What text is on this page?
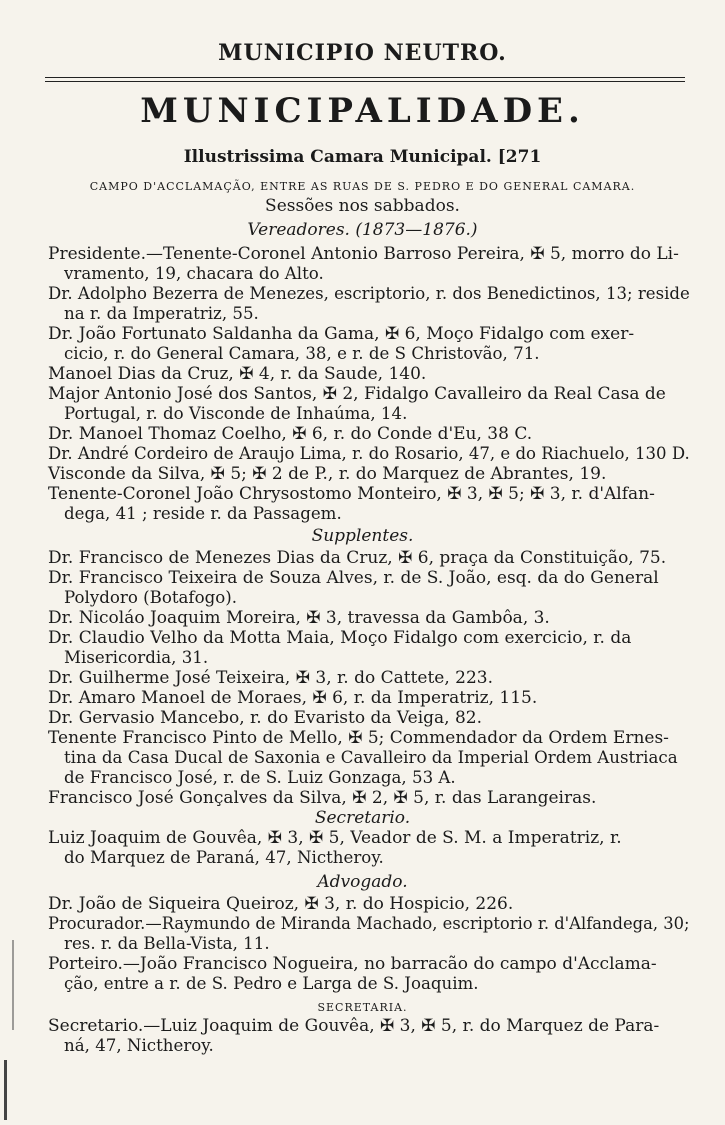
MUNICIPIO NEUTRO.
MUNICIPALIDADE.
Illustrissima Camara Municipal. [271
CAMPO D'ACCLAMAÇÃO, ENTRE AS RUAS DE S. PEDRO E DO GENERAL CAMARA.
Sessões nos sabbados.
Vereadores. (1873—1876.)
Presidente.—Tenente-Coronel Antonio Barroso Pereira, ✠ 5, morro do Li-
vramento, 19, chacara do Alto.
Dr. Adolpho Bezerra de Menezes, escriptorio, r. dos Benedictinos, 13; reside
na r. da Imperatriz, 55.
Dr. João Fortunato Saldanha da Gama, ✠ 6, Moço Fidalgo com exer-
cicio, r. do General Camara, 38, e r. de S Christovão, 71.
Manoel Dias da Cruz, ✠ 4, r. da Saude, 140.
Major Antonio José dos Santos, ✠ 2, Fidalgo Cavalleiro da Real Casa de
Portugal, r. do Visconde de Inhaúma, 14.
Dr. Manoel Thomaz Coelho, ✠ 6, r. do Conde d'Eu, 38 C.
Dr. André Cordeiro de Araujo Lima, r. do Rosario, 47, e do Riachuelo, 130 D.
Visconde da Silva, ✠ 5; ✠ 2 de P., r. do Marquez de Abrantes, 19.
Tenente-Coronel João Chrysostomo Monteiro, ✠ 3, ✠ 5; ✠ 3, r. d'Alfan-
dega, 41 ; reside r. da Passagem.
Supplentes.
Dr. Francisco de Menezes Dias da Cruz, ✠ 6, praça da Constituição, 75.
Dr. Francisco Teixeira de Souza Alves, r. de S. João, esq. da do General
Polydoro (Botafogo).
Dr. Nicoláo Joaquim Moreira, ✠ 3, travessa da Gambôa, 3.
Dr. Claudio Velho da Motta Maia, Moço Fidalgo com exercicio, r. da
Misericordia, 31.
Dr. Guilherme José Teixeira, ✠ 3, r. do Cattete, 223.
Dr. Amaro Manoel de Moraes, ✠ 6, r. da Imperatriz, 115.
Dr. Gervasio Mancebo, r. do Evaristo da Veiga, 82.
Tenente Francisco Pinto de Mello, ✠ 5; Commendador da Ordem Ernes-
tina da Casa Ducal de Saxonia e Cavalleiro da Imperial Ordem Austriaca
de Francisco José, r. de S. Luiz Gonzaga, 53 A.
Francisco José Gonçalves da Silva, ✠ 2, ✠ 5, r. das Larangeiras.
Secretario.
Luiz Joaquim de Gouvêa, ✠ 3, ✠ 5, Veador de S. M. a Imperatriz, r.
do Marquez de Paraná, 47, Nictheroy.
Advogado.
Dr. João de Siqueira Queiroz, ✠ 3, r. do Hospicio, 226.
Procurador.—Raymundo de Miranda Machado, escriptorio r. d'Alfandega, 30;
res. r. da Bella-Vista, 11.
Porteiro.—João Francisco Nogueira, no barracão do campo d'Acclama-
ção, entre a r. de S. Pedro e Larga de S. Joaquim.
SECRETARIA.
Secretario.—Luiz Joaquim de Gouvêa, ✠ 3, ✠ 5, r. do Marquez de Para-
ná, 47, Nictheroy.
